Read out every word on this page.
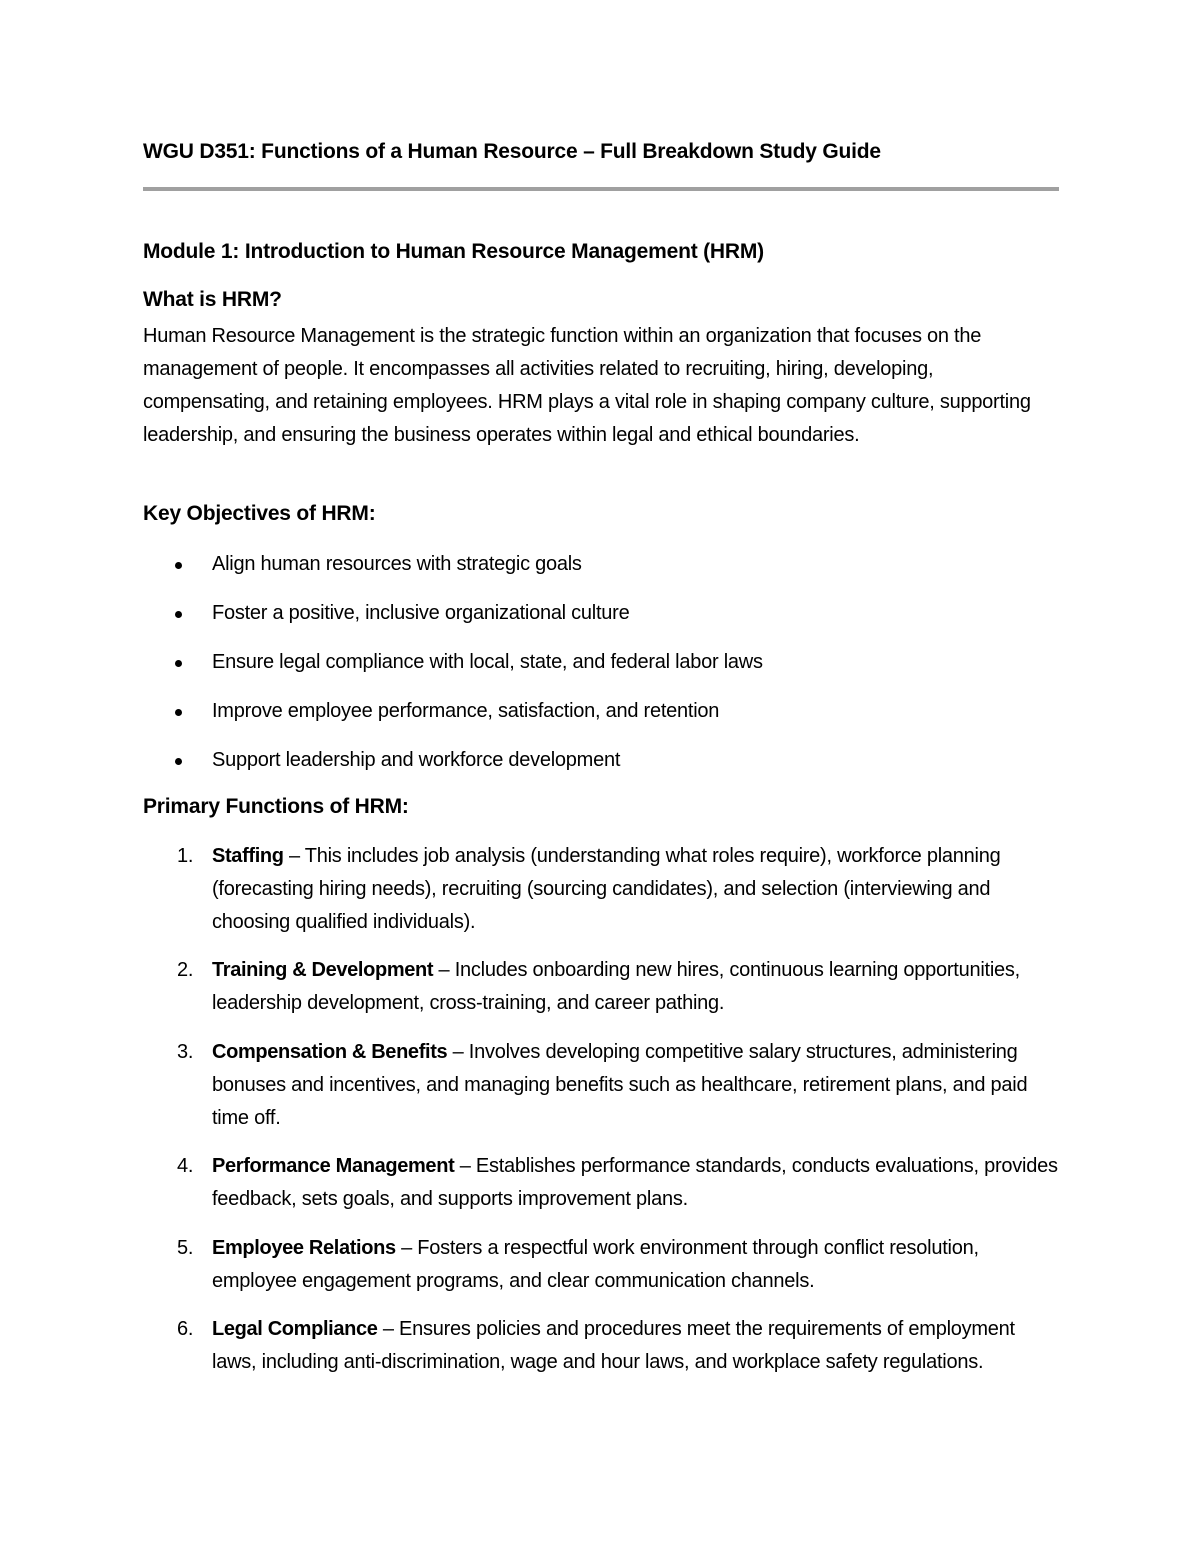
WGU D351: Functions of a Human Resource – Full Breakdown Study Guide
Module 1: Introduction to Human Resource Management (HRM)
What is HRM?
Human Resource Management is the strategic function within an organization that focuses on the management of people. It encompasses all activities related to recruiting, hiring, developing, compensating, and retaining employees. HRM plays a vital role in shaping company culture, supporting leadership, and ensuring the business operates within legal and ethical boundaries.
Key Objectives of HRM:
Align human resources with strategic goals
Foster a positive, inclusive organizational culture
Ensure legal compliance with local, state, and federal labor laws
Improve employee performance, satisfaction, and retention
Support leadership and workforce development
Primary Functions of HRM:
1. Staffing – This includes job analysis (understanding what roles require), workforce planning (forecasting hiring needs), recruiting (sourcing candidates), and selection (interviewing and choosing qualified individuals).
2. Training & Development – Includes onboarding new hires, continuous learning opportunities, leadership development, cross-training, and career pathing.
3. Compensation & Benefits – Involves developing competitive salary structures, administering bonuses and incentives, and managing benefits such as healthcare, retirement plans, and paid time off.
4. Performance Management – Establishes performance standards, conducts evaluations, provides feedback, sets goals, and supports improvement plans.
5. Employee Relations – Fosters a respectful work environment through conflict resolution, employee engagement programs, and clear communication channels.
6. Legal Compliance – Ensures policies and procedures meet the requirements of employment laws, including anti-discrimination, wage and hour laws, and workplace safety regulations.
